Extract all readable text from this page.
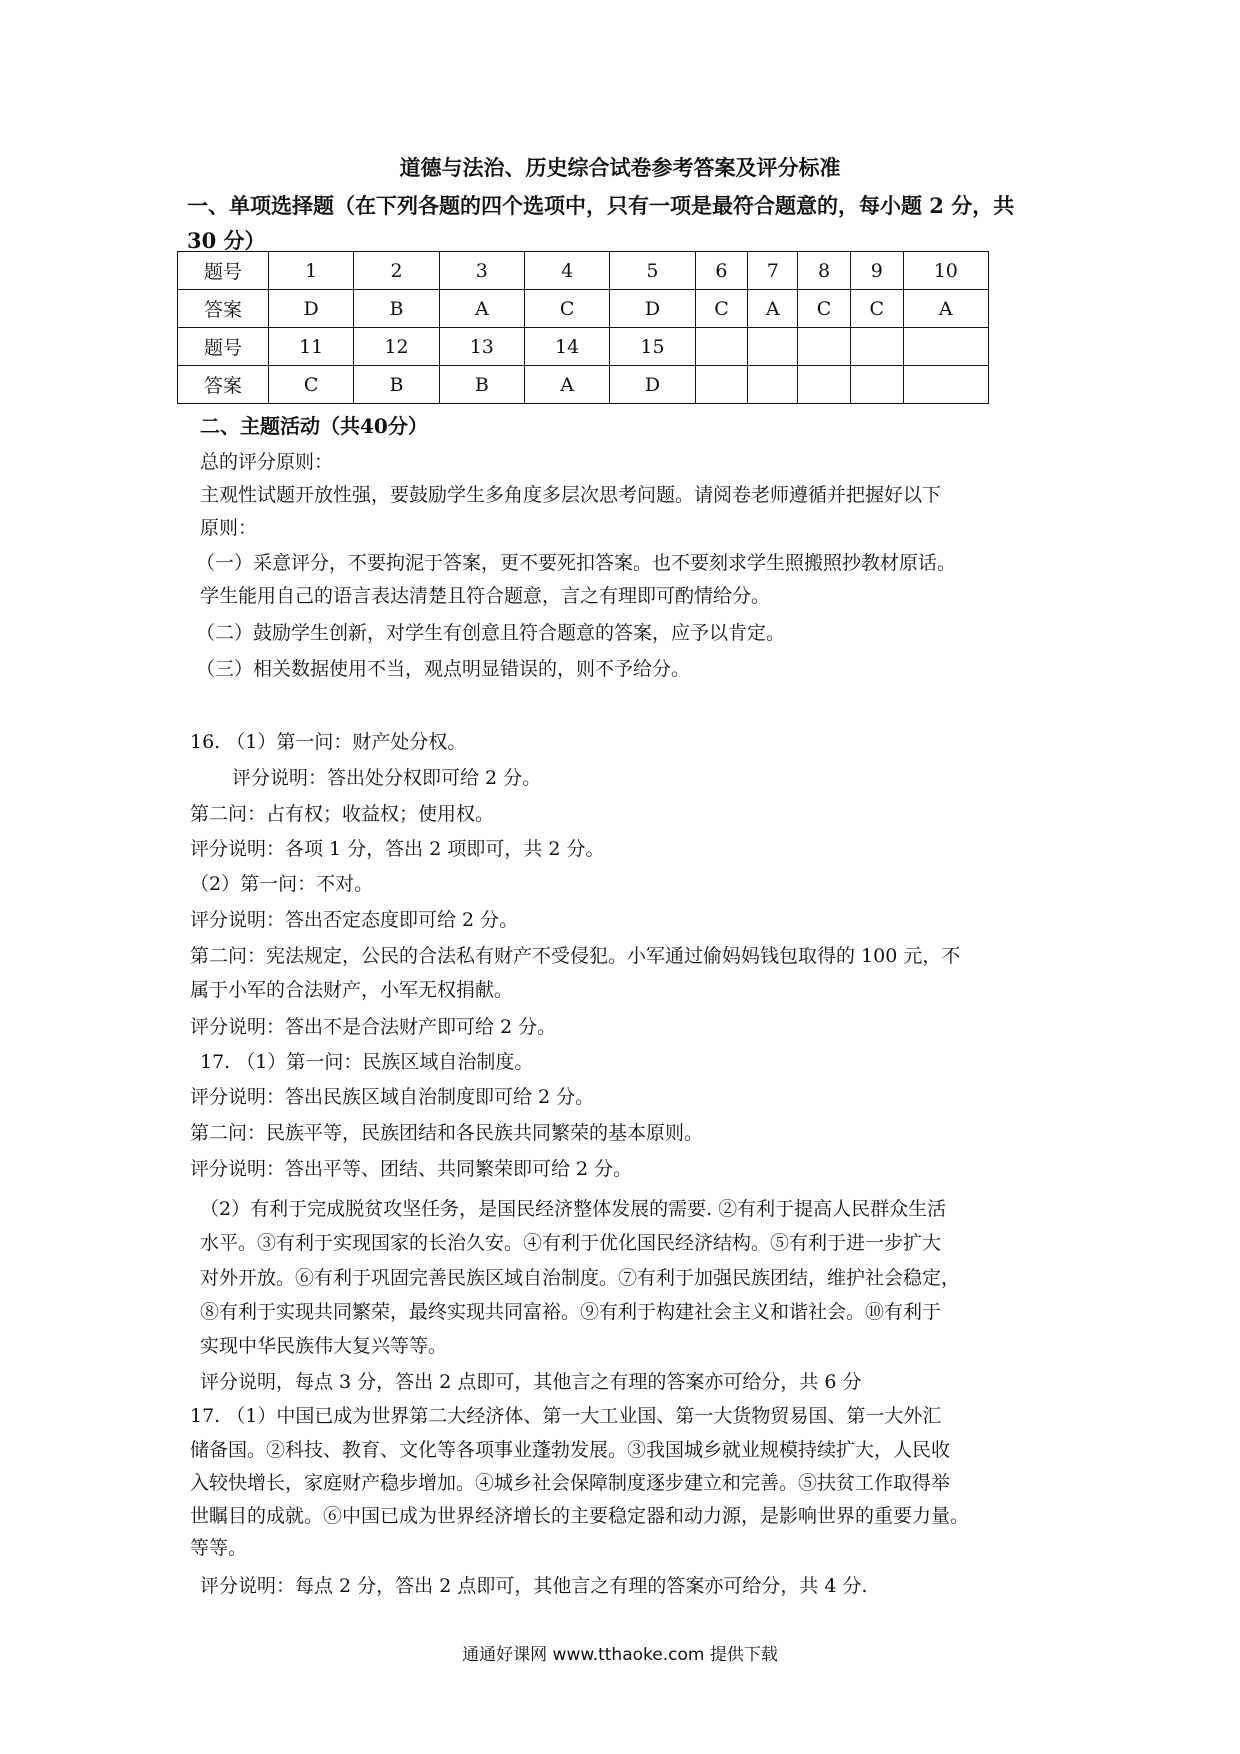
道德与法治、历史综合试卷参考答案及评分标准
一、单项选择题（在下列各题的四个选项中，只有一项是最符合题意的，每小题 2 分，共
30 分）
题号	1	2	3	4	5	6	7	8	9	10
答案	D	B	A	C	D	C	A	C	C	A
题号	11	12	13	14	15					
答案	C	B	B	A	D					
二、主题活动（共40分）
总的评分原则：
主观性试题开放性强，要鼓励学生多角度多层次思考问题。请阅卷老师遵循并把握好以下
原则：
（一）采意评分，不要拘泥于答案，更不要死扣答案。也不要刻求学生照搬照抄教材原话。
学生能用自己的语言表达清楚且符合题意，言之有理即可酌情给分。
（二）鼓励学生创新，对学生有创意且符合题意的答案，应予以肯定。
（三）相关数据使用不当，观点明显错误的，则不予给分。
16. （1）第一问：财产处分权。
评分说明：答出处分权即可给 2 分。
第二问：占有权；收益权；使用权。
评分说明：各项 1 分，答出 2 项即可，共 2 分。
（2）第一问：不对。
评分说明：答出否定态度即可给 2 分。
第二问：宪法规定，公民的合法私有财产不受侵犯。小军通过偷妈妈钱包取得的 100 元，不
属于小军的合法财产，小军无权捐献。
评分说明：答出不是合法财产即可给 2 分。
17. （1）第一问：民族区域自治制度。
评分说明：答出民族区域自治制度即可给 2 分。
第二问：民族平等，民族团结和各民族共同繁荣的基本原则。
评分说明：答出平等、团结、共同繁荣即可给 2 分。
（2）有利于完成脱贫攻坚任务，是国民经济整体发展的需要. ②有利于提高人民群众生活
水平。③有利于实现国家的长治久安。④有利于优化国民经济结构。⑤有利于进一步扩大
对外开放。⑥有利于巩固完善民族区域自治制度。⑦有利于加强民族团结，维护社会稳定，
⑧有利于实现共同繁荣，最终实现共同富裕。⑨有利于构建社会主义和谐社会。⑩有利于
实现中华民族伟大复兴等等。
评分说明，每点 3 分，答出 2 点即可，其他言之有理的答案亦可给分，共 6 分
17. （1）中国已成为世界第二大经济体、第一大工业国、第一大货物贸易国、第一大外汇
储备国。②科技、教育、文化等各项事业蓬勃发展。③我国城乡就业规模持续扩大，人民收
入较快增长，家庭财产稳步增加。④城乡社会保障制度逐步建立和完善。⑤扶贫工作取得举
世瞩目的成就。⑥中国已成为世界经济增长的主要稳定器和动力源，是影响世界的重要力量。
等等。
评分说明：每点 2 分，答出 2 点即可，其他言之有理的答案亦可给分，共 4 分.
通通好课网 www.tthaoke.com 提供下载
